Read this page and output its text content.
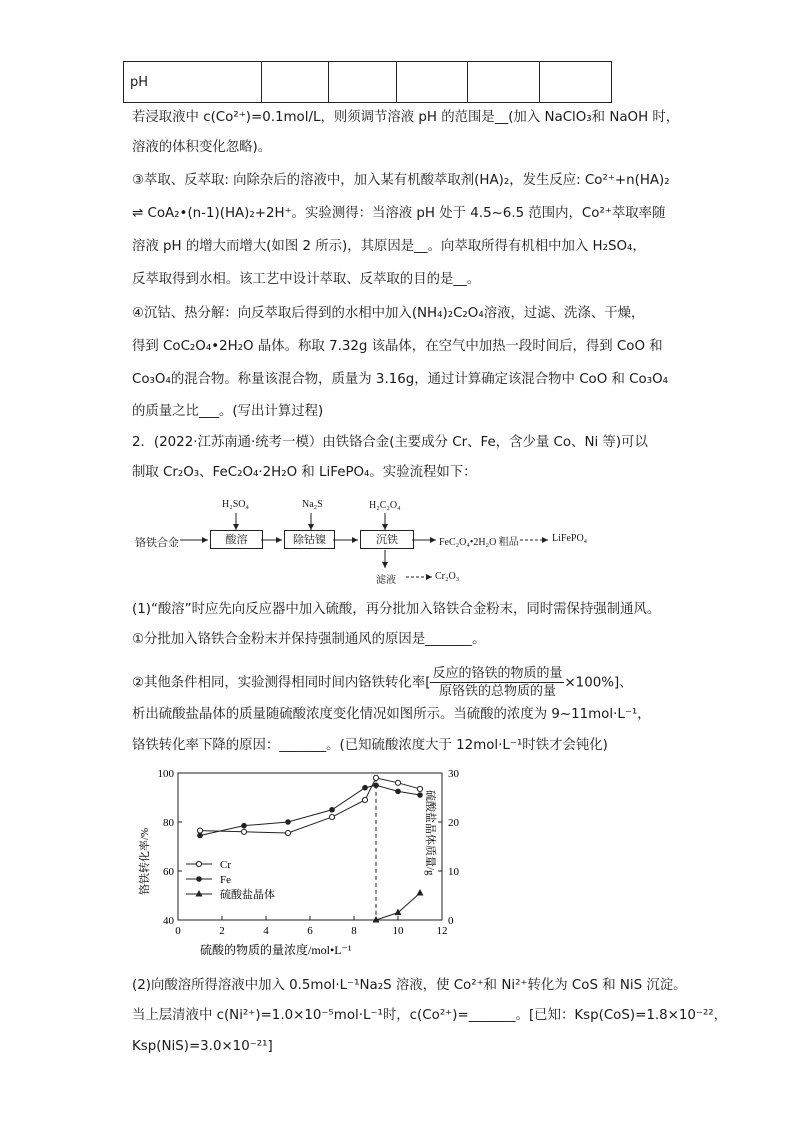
pH					
若浸取液中 c(Co²⁺)=0.1mol/L，则须调节溶液 pH 的范围是__(加入 NaClO₃和 NaOH 时，
溶液的体积变化忽略)。
③萃取、反萃取: 向除杂后的溶液中，加入某有机酸萃取剂(HA)₂，发生反应: Co²⁺+n(HA)₂
⇌ CoA₂•(n-1)(HA)₂+2H⁺。实验测得：当溶液 pH 处于 4.5~6.5 范围内，Co²⁺萃取率随
溶液 pH 的增大而增大(如图 2 所示)，其原因是__。向萃取所得有机相中加入 H₂SO₄，
反萃取得到水相。该工艺中设计萃取、反萃取的目的是__。
④沉钴、热分解：向反萃取后得到的水相中加入(NH₄)₂C₂O₄溶液，过滤、洗涤、干燥，
得到 CoC₂O₄•2H₂O 晶体。称取 7.32g 该晶体，在空气中加热一段时间后，得到 CoO 和
Co₃O₄的混合物。称量该混合物，质量为 3.16g，通过计算确定该混合物中 CoO 和 Co₃O₄
的质量之比___。(写出计算过程)
2．(2022·江苏南通·统考一模）由铁铬合金(主要成分 Cr、Fe，含少量 Co、Ni 等)可以
制取 Cr₂O₃、FeC₂O₄·2H₂O 和 LiFePO₄。实验流程如下：
铬铁合金	酸溶	除钴镍	沉铁
H₂SO₄	Na₂S	H₂C₂O₄
FeC₂O₄•2H₂O 粗品	LiFePO₄
滤液	Cr₂O₃
(1)“酸溶”时应先向反应器中加入硫酸，再分批加入铬铁合金粉末，同时需保持强制通风。
①分批加入铬铁合金粉末并保持强制通风的原因是_______。
②其他条件相同，实验测得相同时间内铬铁转化率[ $\frac{\text{反应的铬铁的物质的量}}{\text{原铬铁的总物质的量}} \times 100\%$]、
析出硫酸盐晶体的质量随硫酸浓度变化情况如图所示。当硫酸的浓度为 9~11mol·L⁻¹，
铬铁转化率下降的原因：_______。(已知硫酸浓度大于 12mol·L⁻¹时铁才会钝化)
0	2	4	6	8	10	12
40
60
80
100
0
10
20
30
Cr
Fe
硫酸盐晶体
硫酸的物质的量浓度/mol•L⁻¹
铬铁转化率/%	硫酸盐晶体质量/g
(2)向酸溶所得溶液中加入 0.5mol·L⁻¹Na₂S 溶液，使 Co²⁺和 Ni²⁺转化为 CoS 和 NiS 沉淀。
当上层清液中 c(Ni²⁺)=1.0×10⁻⁵mol·L⁻¹时，c(Co²⁺)=_______。[已知：Ksp(CoS)=1.8×10⁻²²，
Ksp(NiS)=3.0×10⁻²¹]
